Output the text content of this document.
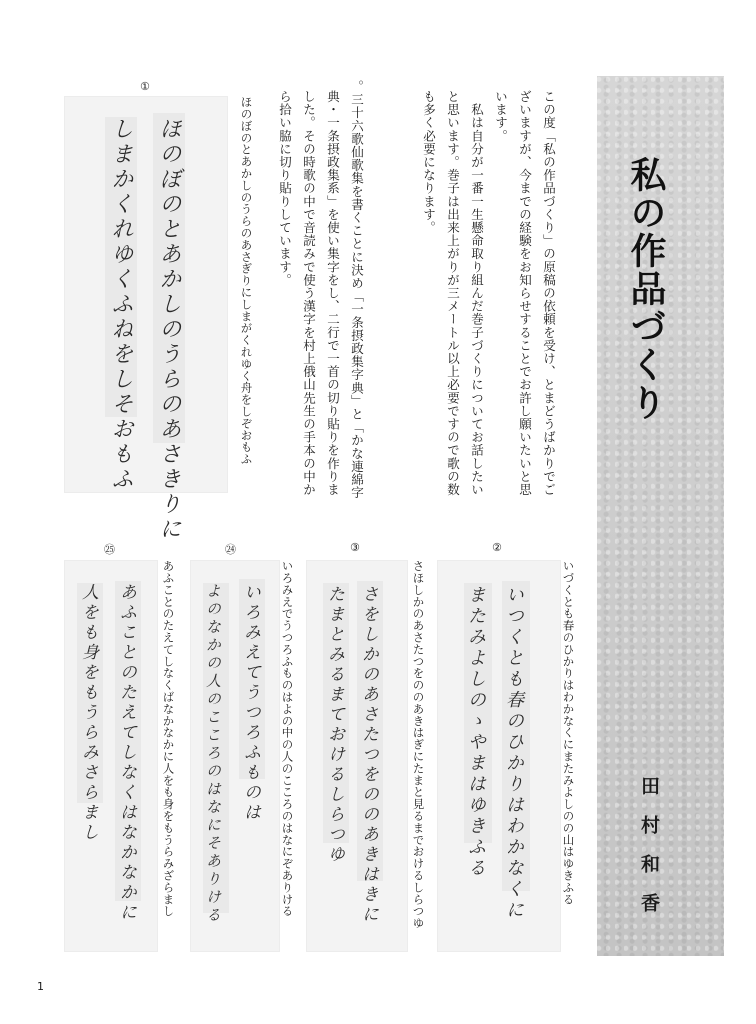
私の作品づくり
田村和香
この度「私の作品づくり」の原稿の依頼を受け、とまどうばかりでご
ざいますが、今までの経験をお知らせすることでお許し願いたいと思
います。
　私は自分が一番一生懸命取り組んだ巻子づくりについてお話したい
と思います。巻子は出来上がりが三メートル以上必要ですので歌の数
も多く必要になります。
。三十六歌仙歌集を書くことに決め「一条摂政集字典」と「かな連綿字
典・一条摂政集系」を使い集字をし、二行で一首の切り貼りを作りま
した。その時歌の中で音読みで使う漢字を村上俄山先生の手本の中か
ら拾い脇に切り貼りしています。
①
ほのぼのとあかしのうらのあさぎりにしまがくれゆく舟をしぞおもふ
ほのぼのとあかしのうらのあさきりに
しまかくれゆくふねをしそおもふ
②
いづくとも春のひかりはわかなくにまたみよしのの山はゆきふる
いつくとも春のひかりはわかなくに
またみよしのゝやまはゆきふる
③
さほしかのあさたつをののあきはぎにたまと見るまでおけるしらつゆ
さをしかのあさたつをののあきはきに
たまとみるまておけるしらつゆ
㉔
いろみえでうつろふものはよの中の人のこころのはなにぞありける
いろみえてうつろふものは
よのなかの人のこころのはなにそありける
㉕
あふことのたえてしなくばなかなかに人をも身をもうらみざらまし
あふことのたえてしなくはなかなかに
人をも身をもうらみさらまし
1
